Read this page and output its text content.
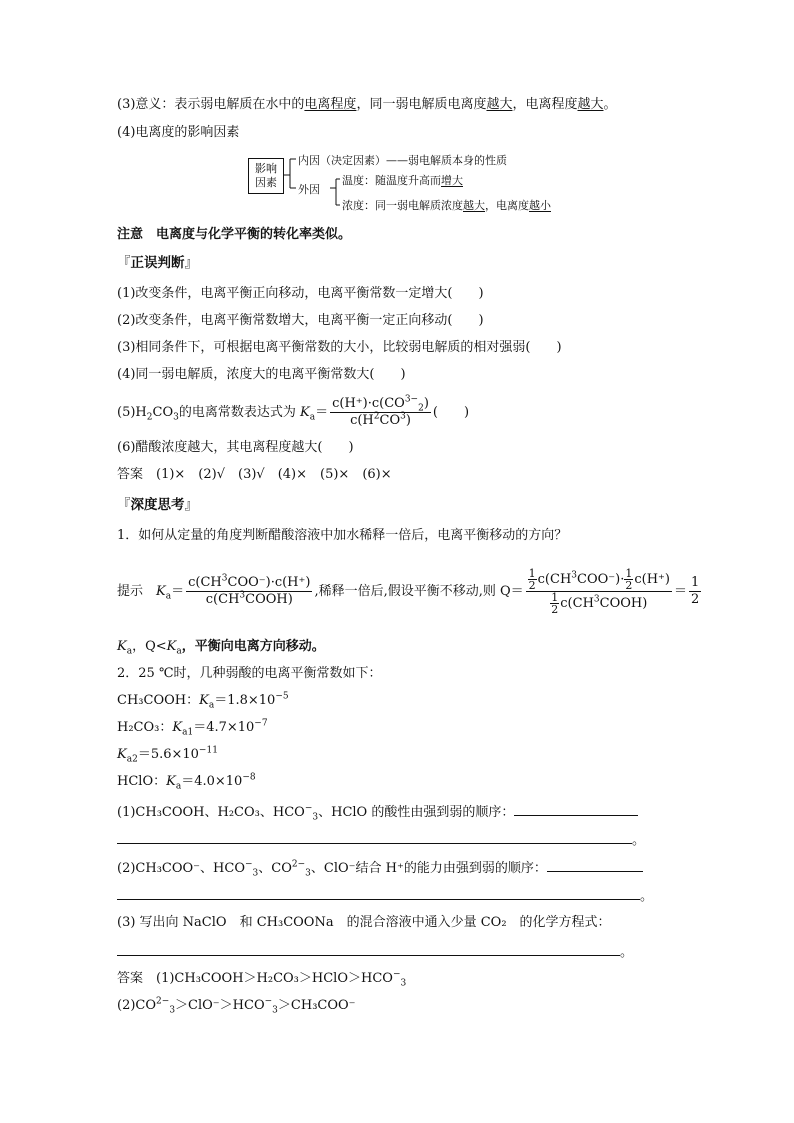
(3)意义：表示弱电解质在水中的电离程度，同一弱电解质电离度越大，电离程度越大。
(4)电离度的影响因素
影响
因素
内因（决定因素）——弱电解质本身的性质
外因
温度：随温度升高而增大
浓度：同一弱电解质浓度越大，电离度越小
注意　电离度与化学平衡的转化率类似。
『 正误判断 』
(1)改变条件，电离平衡正向移动，电离平衡常数一定增大(　　)
(2)改变条件，电离平衡常数增大，电离平衡一定正向移动(　　)
(3)相同条件下，可根据电离平衡常数的大小，比较弱电解质的相对强弱(　　)
(4)同一弱电解质，浓度大的电离平衡常数大(　　)
$(5)H_2CO_3$的电离常数表达式为 $K_a= \frac{c(H^+)\cdot c(CO^{3-}_2)}{c(H^2CO^3)}$ (　　)
(6)醋酸浓度越大，其电离程度越大(　　)
答案　(1)×　(2)√　(3)√　(4)×　(5)×　(6)×
『 深度思考 』
1．如何从定量的角度判断醋酸溶液中加水稀释一倍后，电离平衡移动的方向？
提示　$K_a= \frac{c(CH^3COO^-)\cdot c(H^+)}{c(CH^3COOH)}$ ,稀释一倍后,假设平衡不移动,则 $Q= \frac{\frac{1}{2} c(CH^3COO^-)\cdot \frac{1}{2} c(H^+)}{\frac{1}{2} c(CH^3COOH)} = \frac{1}{2}$
$K_a$，$Q<K_a$，平衡向电离方向移动。
2．25 ℃时，几种弱酸的电离平衡常数如下：
CH₃COOH：$K_a=1.8\times 10^{-5}$
H₂CO₃：$K_{a1}=4.7\times 10^{-7}$
$K_{a2}=5.6\times 10^{-11}$
HClO：$K_a=4.0\times 10^{-8}$
(1)CH₃COOH、H₂CO₃、$HCO^-_3$、HClO 的酸性由强到弱的顺序：
。
(2)CH₃COO⁻、$HCO^-_3$、$CO^{2-}_3$、ClO⁻结合 H⁺的能力由强到弱的顺序：
。
(3) 写出向 NaClO　和 CH₃COONa　的混合溶液中通入少量 CO₂　的化学方程式：
。
答案　$(1)CH_3COOH>H_2CO_3>HClO>HCO^-_3$
$(2)CO^{2-}_3>ClO^->HCO^-_3>CH_3COO^-$
